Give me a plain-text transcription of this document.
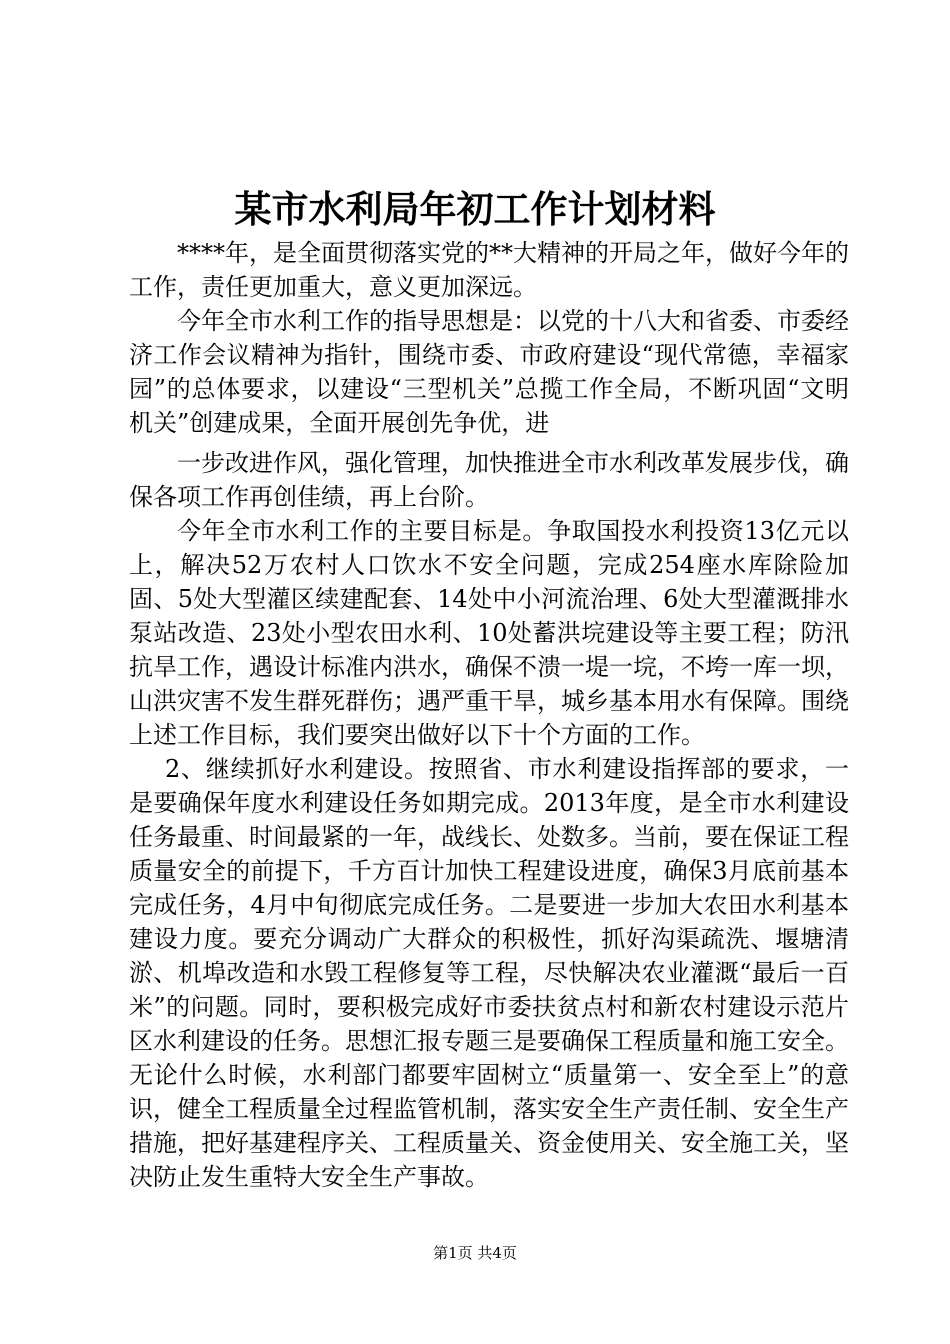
某市水利局年初工作计划材料

****年，是全面贯彻落实党的**大精神的开局之年，做好今年的工作，责任更加重大，意义更加深远。

今年全市水利工作的指导思想是：以党的十八大和省委、市委经济工作会议精神为指针，围绕市委、市政府建设“现代常德，幸福家园”的总体要求，以建设“三型机关”总揽工作全局，不断巩固“文明机关”创建成果，全面开展创先争优，进

一步改进作风，强化管理，加快推进全市水利改革发展步伐，确保各项工作再创佳绩，再上台阶。

今年全市水利工作的主要目标是。争取国投水利投资13亿元以上，解决52万农村人口饮水不安全问题，完成254座水库除险加固、5处大型灌区续建配套、14处中小河流治理、6处大型灌溉排水泵站改造、23处小型农田水利、10处蓄洪垸建设等主要工程；防汛抗旱工作，遇设计标准内洪水，确保不溃一堤一垸，不垮一库一坝，山洪灾害不发生群死群伤；遇严重干旱，城乡基本用水有保障。围绕上述工作目标，我们要突出做好以下十个方面的工作。

2、继续抓好水利建设。按照省、市水利建设指挥部的要求，一是要确保年度水利建设任务如期完成。2013年度，是全市水利建设任务最重、时间最紧的一年，战线长、处数多。当前，要在保证工程质量安全的前提下，千方百计加快工程建设进度，确保3月底前基本完成任务，4月中旬彻底完成任务。二是要进一步加大农田水利基本建设力度。要充分调动广大群众的积极性，抓好沟渠疏洗、堰塘清淤、机埠改造和水毁工程修复等工程，尽快解决农业灌溉“最后一百米”的问题。同时，要积极完成好市委扶贫点村和新农村建设示范片区水利建设的任务。思想汇报专题三是要确保工程质量和施工安全。无论什么时候，水利部门都要牢固树立“质量第一、安全至上”的意识，健全工程质量全过程监管机制，落实安全生产责任制、安全生产措施，把好基建程序关、工程质量关、资金使用关、安全施工关，坚决防止发生重特大安全生产事故。

第1页 共4页
